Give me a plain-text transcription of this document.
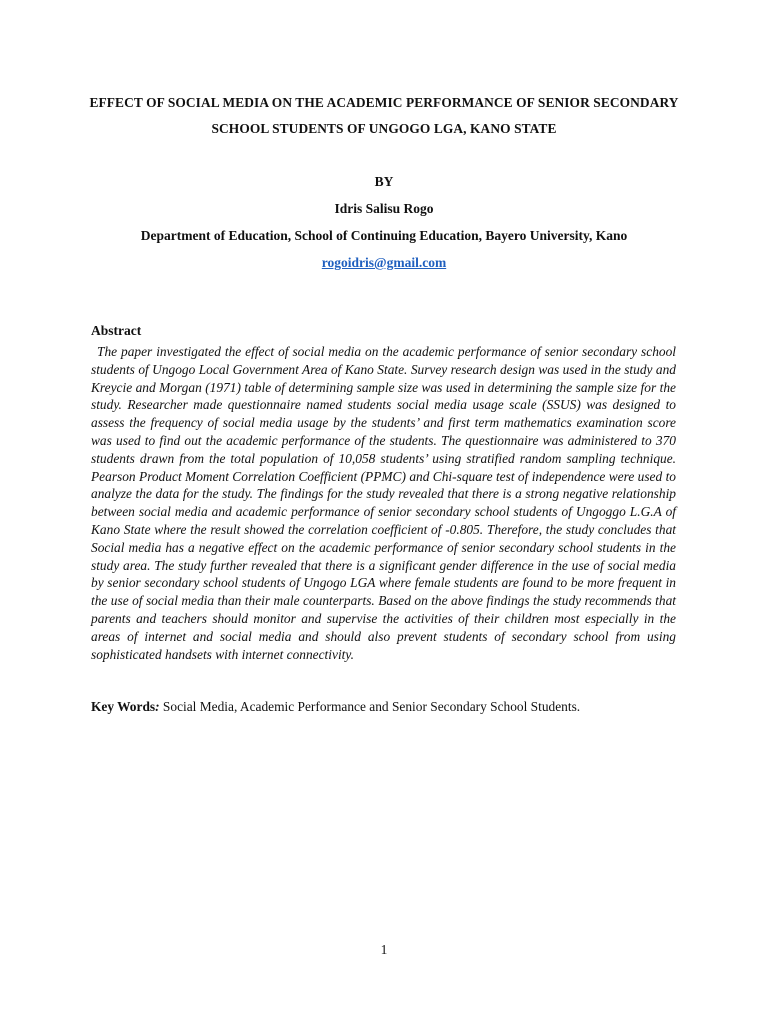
EFFECT OF SOCIAL MEDIA ON THE ACADEMIC PERFORMANCE OF SENIOR SECONDARY SCHOOL STUDENTS OF UNGOGO LGA, KANO STATE
BY
Idris Salisu Rogo
Department of Education, School of Continuing Education, Bayero University, Kano
rogoidris@gmail.com
Abstract
The paper investigated the effect of social media on the academic performance of senior secondary school students of Ungogo Local Government Area of Kano State. Survey research design was used in the study and Kreycie and Morgan (1971) table of determining sample size was used in determining the sample size for the study. Researcher made questionnaire named students social media usage scale (SSUS) was designed to assess the frequency of social media usage by the students’ and first term mathematics examination score was used to find out the academic performance of the students. The questionnaire was administered to 370 students drawn from the total population of 10,058 students’ using stratified random sampling technique. Pearson Product Moment Correlation Coefficient (PPMC) and Chi-square test of independence were used to analyze the data for the study. The findings for the study revealed that there is a strong negative relationship between social media and academic performance of senior secondary school students of Ungoggo L.G.A of Kano State where the result showed the correlation coefficient of -0.805. Therefore, the study concludes that Social media has a negative effect on the academic performance of senior secondary school students in the study area. The study further revealed that there is a significant gender difference in the use of social media by senior secondary school students of Ungogo LGA where female students are found to be more frequent in the use of social media than their male counterparts. Based on the above findings the study recommends that parents and teachers should monitor and supervise the activities of their children most especially in the areas of internet and social media and should also prevent students of secondary school from using sophisticated handsets with internet connectivity.
Key Words: Social Media, Academic Performance and Senior Secondary School Students.
1
